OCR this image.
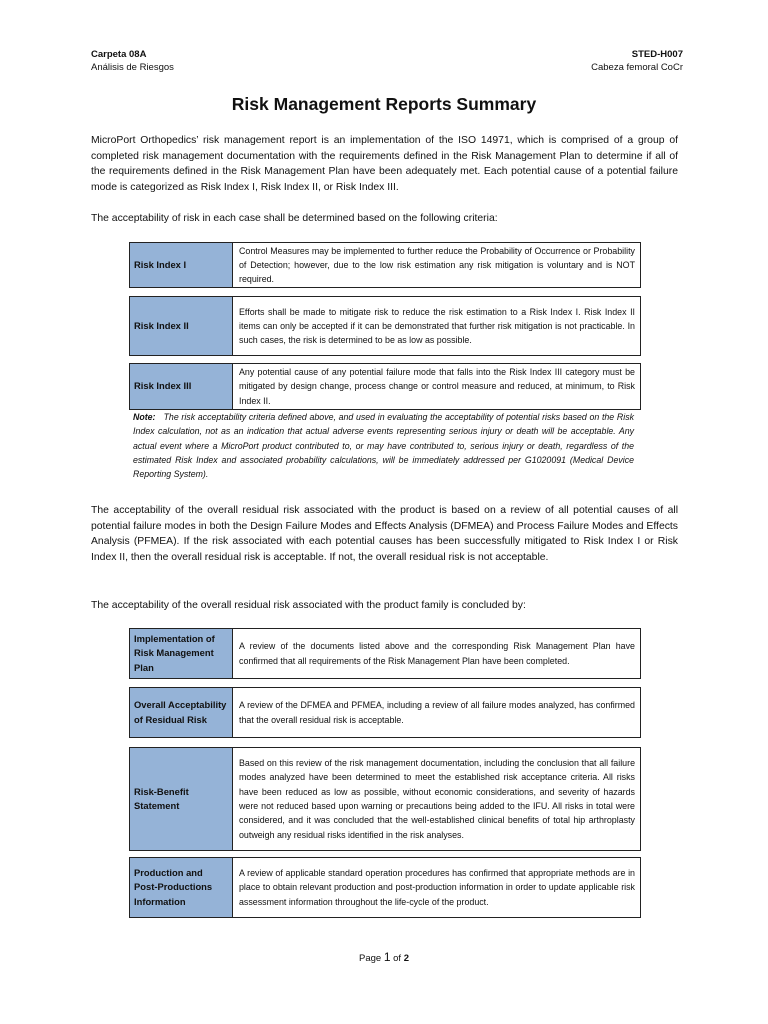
Carpeta 08A
Análisis de Riesgos
STED-H007
Cabeza femoral CoCr
Risk Management Reports Summary

MicroPort Orthopedics’ risk management report is an implementation of the ISO 14971, which is comprised of a group of completed risk management documentation with the requirements defined in the Risk Management Plan to determine if all of the requirements defined in the Risk Management Plan have been adequately met. Each potential cause of a potential failure mode is categorized as Risk Index I, Risk Index II, or Risk Index III.

The acceptability of risk in each case shall be determined based on the following criteria:

Risk Index I
Control Measures may be implemented to further reduce the Probability of Occurrence or Probability of Detection; however, due to the low risk estimation any risk mitigation is voluntary and is NOT required.
Risk Index II
Efforts shall be made to mitigate risk to reduce the risk estimation to a Risk Index I. Risk Index II items can only be accepted if it can be demonstrated that further risk mitigation is not practicable. In such cases, the risk is determined to be as low as possible.
Risk Index III
Any potential cause of any potential failure mode that falls into the Risk Index III category must be mitigated by design change, process change or control measure and reduced, at minimum, to Risk Index II.

Note: The risk acceptability criteria defined above, and used in evaluating the acceptability of potential risks based on the Risk Index calculation, not as an indication that actual adverse events representing serious injury or death will be acceptable. Any actual event where a MicroPort product contributed to, or may have contributed to, serious injury or death, regardless of the estimated Risk Index and associated probability calculations, will be immediately addressed per G1020091 (Medical Device Reporting System).

The acceptability of the overall residual risk associated with the product is based on a review of all potential causes of all potential failure modes in both the Design Failure Modes and Effects Analysis (DFMEA) and Process Failure Modes and Effects Analysis (PFMEA). If the risk associated with each potential causes has been successfully mitigated to Risk Index I or Risk Index II, then the overall residual risk is acceptable. If not, the overall residual risk is not acceptable.

The acceptability of the overall residual risk associated with the product family is concluded by:

Implementation of Risk Management Plan
A review of the documents listed above and the corresponding Risk Management Plan have confirmed that all requirements of the Risk Management Plan have been completed.
Overall Acceptability of Residual Risk
A review of the DFMEA and PFMEA, including a review of all failure modes analyzed, has confirmed that the overall residual risk is acceptable.
Risk-Benefit Statement
Based on this review of the risk management documentation, including the conclusion that all failure modes analyzed have been determined to meet the established risk acceptance criteria. All risks have been reduced as low as possible, without economic considerations, and severity of hazards were not reduced based upon warning or precautions being added to the IFU. All risks in total were considered, and it was concluded that the well-established clinical benefits of total hip arthroplasty outweigh any residual risks identified in the risk analyses.
Production and Post-Productions Information
A review of applicable standard operation procedures has confirmed that appropriate methods are in place to obtain relevant production and post-production information in order to update applicable risk assessment information throughout the life-cycle of the product.
Page 1 of 2
